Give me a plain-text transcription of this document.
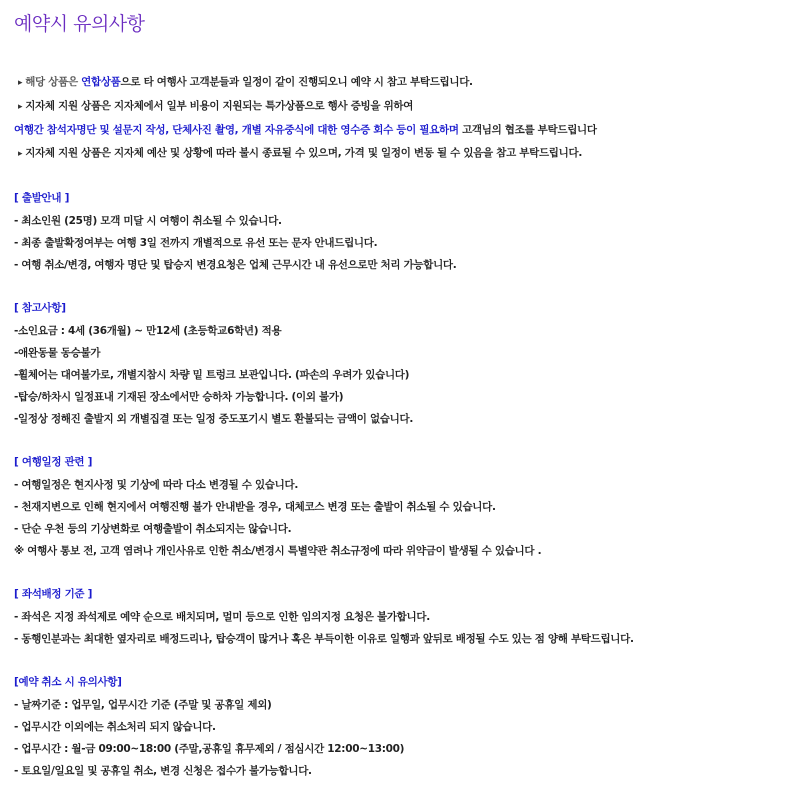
예약시 유의사항
▸ 해당 상품은 연합상품으로 타 여행사 고객분들과 일정이 같이 진행되오니 예약 시 참고 부탁드립니다.
▸ 지자체 지원 상품은 지자체에서 일부 비용이 지원되는 특가상품으로 행사 증빙을 위하여
여행간 참석자명단 및 설문지 작성, 단체사진 촬영, 개별 자유중식에 대한 영수증 회수 등이 필요하며 고객님의 협조를 부탁드립니다
▸ 지자체 지원 상품은 지자체 예산 및 상황에 따라 불시 종료될 수 있으며, 가격 및 일정이 변동 될 수 있음을 참고 부탁드립니다.
[ 출발안내 ]
- 최소인원 (25명) 모객 미달 시 여행이 취소될 수 있습니다.
- 최종 출발확정여부는 여행 3일 전까지 개별적으로 유선 또는 문자 안내드립니다.
- 여행 취소/변경, 여행자 명단 및 탑승지 변경요청은 업체 근무시간 내 유선으로만 처리 가능합니다.
[ 참고사항]
-소인요금 : 4세 (36개월) ~ 만12세 (초등학교6학년) 적용
-애완동물 동승불가
-휠체어는 대여불가로, 개별지참시 차량 밑 트렁크 보관입니다. (파손의 우려가 있습니다)
-탑승/하차시 일정표내 기재된 장소에서만 승하차 가능합니다. (이외 불가)
-일정상 정해진 출발지 외 개별집결 또는 일정 중도포기시 별도 환불되는 금액이 없습니다.
[ 여행일정 관련 ]
- 여행일정은 현지사정 및 기상에 따라 다소 변경될 수 있습니다.
- 천재지변으로 인해 현지에서 여행진행 불가 안내받을 경우, 대체코스 변경 또는 출발이 취소될 수 있습니다.
- 단순 우천 등의 기상변화로 여행출발이 취소되지는 않습니다.
※ 여행사 통보 전, 고객 염려나 개인사유로 인한 취소/변경시 특별약관 취소규정에 따라 위약금이 발생될 수 있습니다 .
[ 좌석배정 기준 ]
- 좌석은 지정 좌석제로 예약 순으로 배치되며, 멀미 등으로 인한 임의지정 요청은 불가합니다.
- 동행인분과는 최대한 옆자리로 배정드리나, 탑승객이 많거나 혹은 부득이한 이유로 일행과 앞뒤로 배정될 수도 있는 점 양해 부탁드립니다.
[예약 취소 시 유의사항]
- 날짜기준 : 업무일, 업무시간 기준 (주말 및 공휴일 제외)
- 업무시간 이외에는 취소처리 되지 않습니다.
- 업무시간 : 월-금 09:00~18:00 (주말,공휴일 휴무제외 / 점심시간 12:00~13:00)
- 토요일/일요일 및 공휴일 취소, 변경 신청은 접수가 불가능합니다.
